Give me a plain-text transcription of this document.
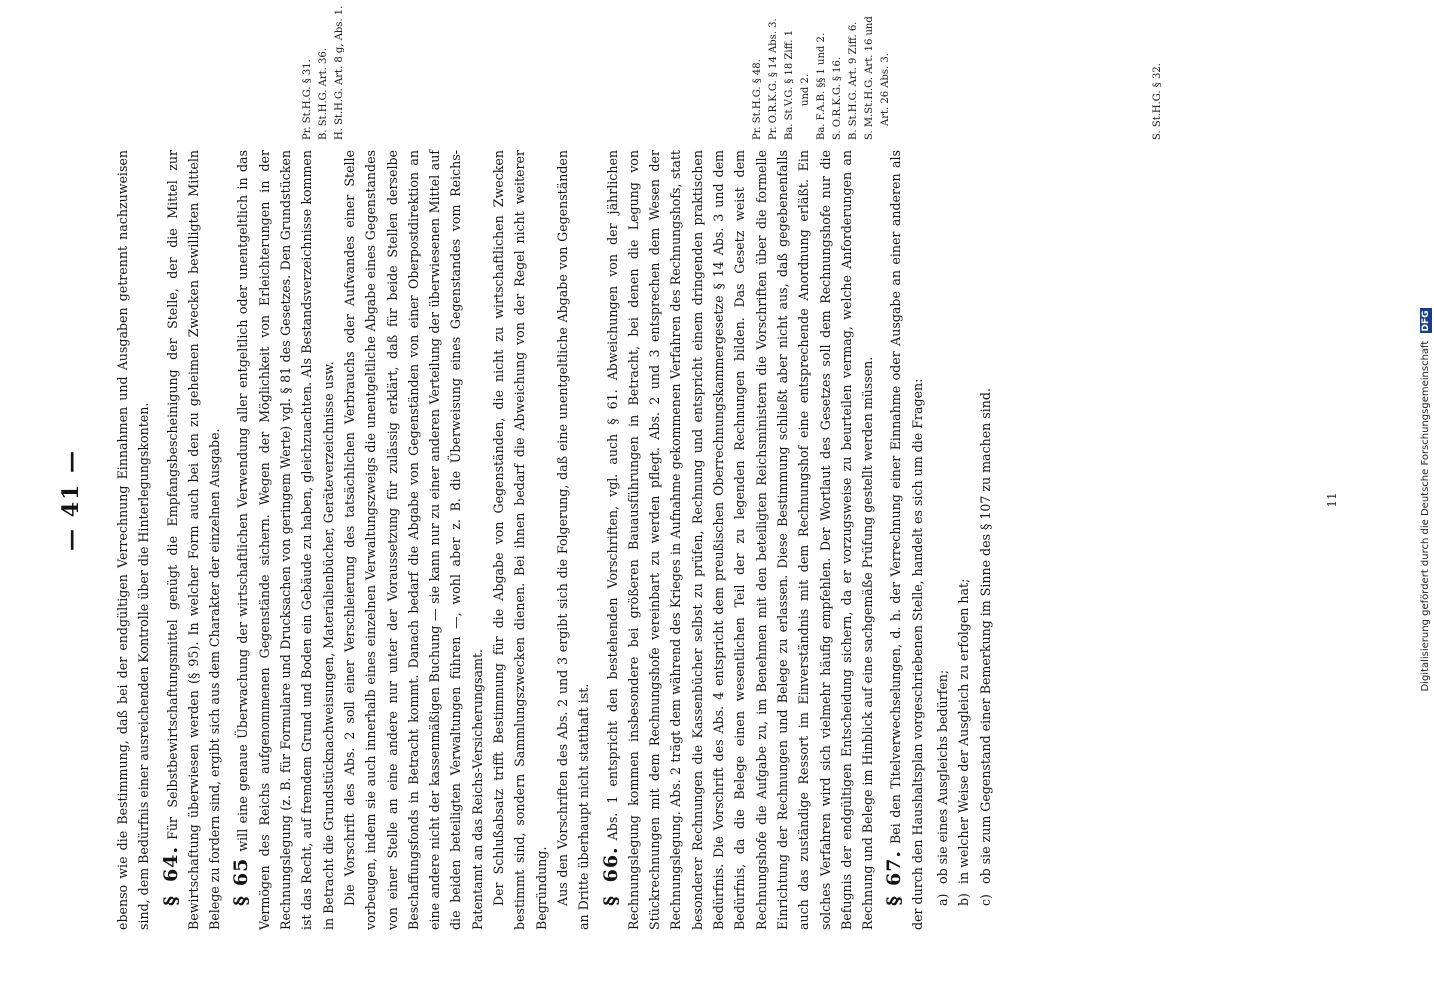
— 41 — ebenso wie die Bestimmung, daß bei der endgültigen Verrechnung Einnahmen und Ausgaben getrennt nachzuweisen sind, dem Bedürfnis einer ausreichenden Kontrolle über die Hinterlegungskonten. § 64.Für Selbstbewirtschaftungsmittel genügt die Empfangsbescheinigung der Stelle, der die Mittel zur Bewirtschaftung überwiesen werden (§ 95). In welcher Form auch bei den zu geheimen Zwecken bewilligten Mitteln Belege zu fordern sind, ergibt sich aus dem Charakter der einzelnen Ausgabe. § 65will eine genaue Überwachung der wirtschaftlichen Verwendung aller entgeltlich oder unentgeltlich in das Vermögen des Reichs aufgenommenen Gegenstände sichern. Wegen der Möglichkeit von Erleichterungen in der Rechnungslegung (z. B. für Formulare und Drucksachen von geringem Werte) vgl. § 81 des Gesetzes. Den Grundstücken ist das Recht, auf fremdem Grund und Boden ein Gebäude zu haben, gleichzuachten. Als Bestandsverzeichnisse kommen in Betracht die Grundstücknachweisungen, Materialienbücher, Geräteverzeichnisse usw. Die Vorschrift des Abs. 2 soll einer Verschleierung des tatsächlichen Verbrauchs oder Aufwandes einer Stelle vorbeugen, indem sie auch innerhalb eines einzelnen Verwaltungszweigs die unentgeltliche Abgabe eines Gegenstandes von einer Stelle an eine andere nur unter der Voraussetzung für zulässig erklärt, daß für beide Stellen derselbe Beschaffungsfonds in Betracht kommt. Danach bedarf die Abgabe von Gegenständen von einer Oberpostdirektion an eine andere nicht der kassenmäßigen Buchung — sie kann nur zu einer anderen Verteilung der überwiesenen Mittel auf die beiden beteiligten Verwaltungen führen —, wohl aber z. B. die Überweisung eines Gegenstandes vom Reichs-Patentamt an das Reichs-Versicherungsamt. Der Schlußabsatz trifft Bestimmung für die Abgabe von Gegenständen, die nicht zu wirtschaftlichen Zwecken bestimmt sind, sondern Sammlungszwecken dienen. Bei ihnen bedarf die Abweichung von der Regel nicht weiterer Begründung. Aus den Vorschriften des Abs. 2 und 3 ergibt sich die Folgerung, daß eine unentgeltliche Abgabe von Gegenständen an Dritte überhaupt nicht statthaft ist. § 66.Abs. 1 entspricht den bestehenden Vorschriften, vgl. auch § 61. Abweichungen von der jährlichen Rechnungslegung kommen insbesondere bei größeren Bauausführungen in Betracht, bei denen die Legung von Stückrechnungen mit dem Rechnungshofe vereinbart zu werden pflegt. Abs. 2 und 3 entsprechen dem Wesen der Rechnungslegung. Abs. 2 trägt dem während des Krieges in Aufnahme gekommenen Verfahren des Rechnungshofs, statt besonderer Rechnungen die Kassenbücher selbst zu prüfen, Rechnung und entspricht einem dringenden praktischen Bedürfnis. Die Vorschrift des Abs. 4 entspricht dem preußischen Oberrechnungskammergesetze § 14 Abs. 3 und dem Bedürfnis, da die Belege einen wesentlichen Teil der zu legenden Rechnungen bilden. Das Gesetz weist dem Rechnungshofe die Aufgabe zu, im Benehmen mit den beteiligten Reichsministern die Vorschriften über die formelle Einrichtung der Rechnungen und Belege zu erlassen. Diese Bestimmung schließt aber nicht aus, daß gegebenenfalls auch das zuständige Ressort im Einverständnis mit dem Rechnungshof eine entsprechende Anordnung erläßt. Ein solches Verfahren wird sich vielmehr häufig empfehlen. Der Wortlaut des Gesetzes soll dem Rechnungshofe nur die Befugnis der endgültigen Entscheidung sichern, da er vorzugsweise zu beurteilen vermag, welche Anforderungen an Rechnung und Belege im Hinblick auf eine sachgemäße Prüfung gestellt werden müssen. § 67.Bei den Titelverwechselungen, d. h. der Verrechnung einer Einnahme oder Ausgabe an einer anderen als der durch den Haushaltsplan vorgeschriebenen Stelle, handelt es sich um die Fragen: a)ob sie eines Ausgleichs bedürfen;
b)in welcher Weise der Ausgleich zu erfolgen hat;
c)ob sie zum Gegenstand einer Bemerkung im Sinne des § 107 zu machen sind.
Pr. St.H.G. § 31. B. St.H.G. Art. 36. H. St.H.G. Art. 8 g, Abs. 1.	Pr. St.H.G. § 48. Pr. O.R.K.G. § 14 Abs. 3. Ba. St.V.G. § 18 Ziff. 1 und 2. Ba. F.A.B. §§ 1 und 2. S. O.R.K.G. § 16. B. St.H.G. Art. 9 Ziff. 6. S. M.St.H.G. Art. 16 und Art. 26 Abs. 3.	S. St.H.G. § 32.
11	Digitalisierung gefördert durch die Deutsche Forschungsgemeinschaft DFG
